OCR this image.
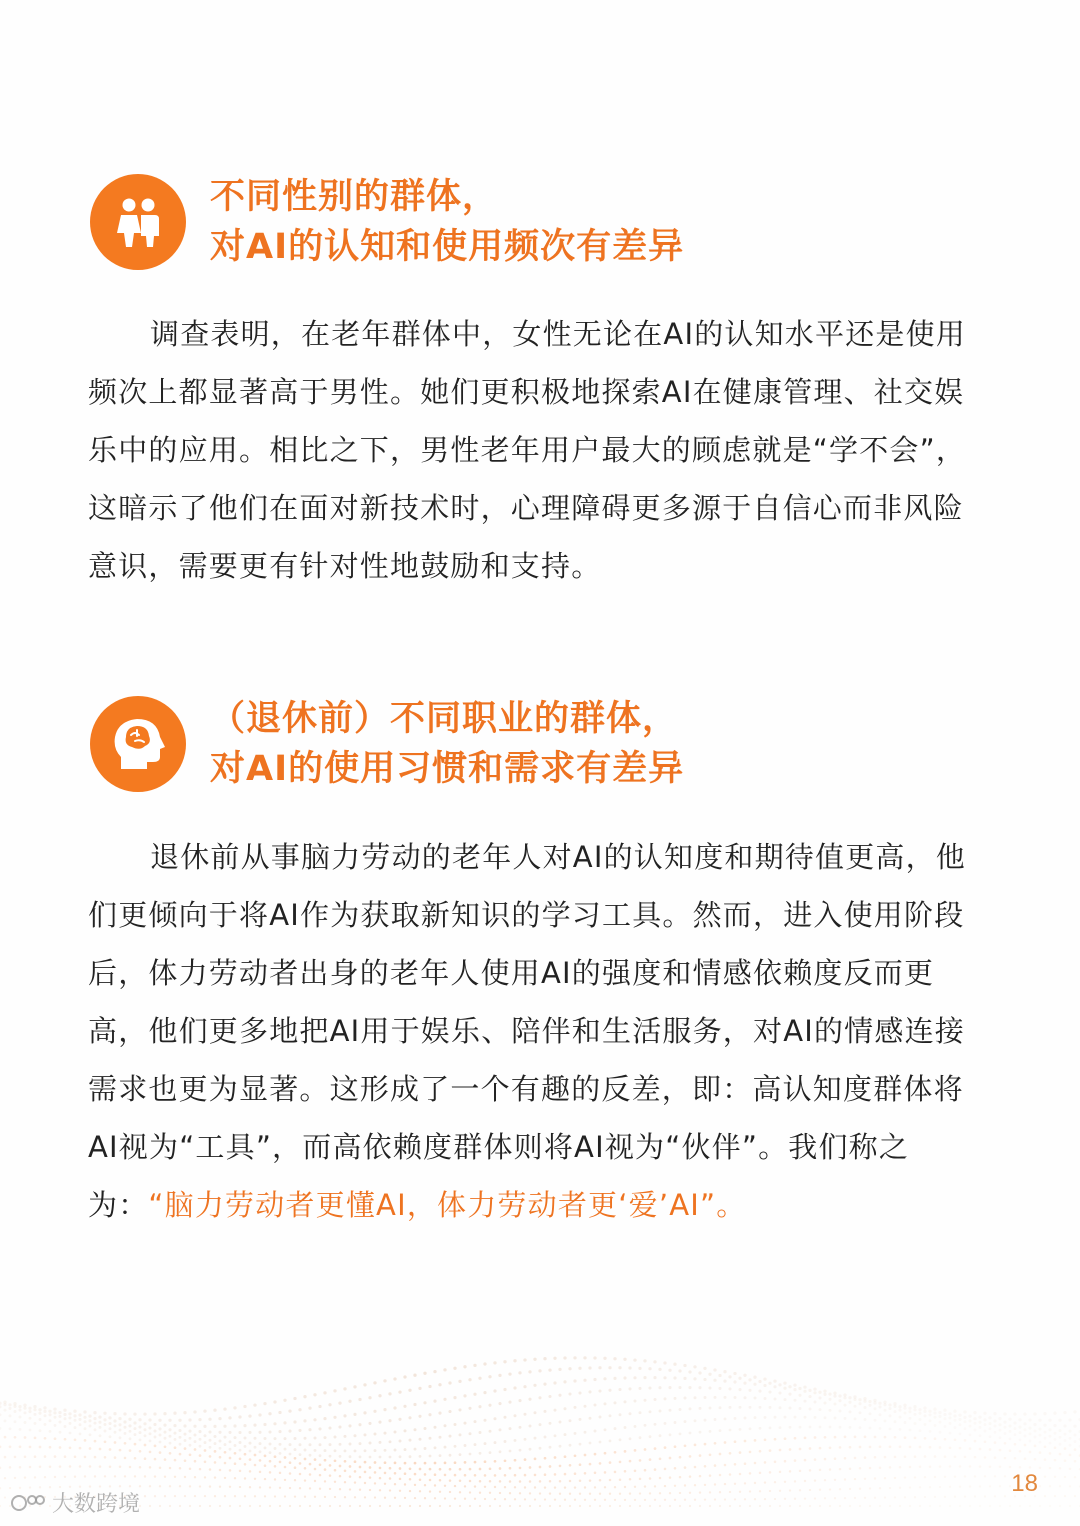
不同性别的群体，
对AI的认知和使用频次有差异

调查表明，在老年群体中，女性无论在AI的认知水平还是使用频次上都显著高于男性。她们更积极地探索AI在健康管理、社交娱乐中的应用。相比之下，男性老年用户最大的顾虑就是“学不会”，这暗示了他们在面对新技术时，心理障碍更多源于自信心而非风险意识，需要更有针对性地鼓励和支持。

（退休前）不同职业的群体，
对AI的使用习惯和需求有差异

退休前从事脑力劳动的老年人对AI的认知度和期待值更高，他们更倾向于将AI作为获取新知识的学习工具。然而，进入使用阶段后，体力劳动者出身的老年人使用AI的强度和情感依赖度反而更高，他们更多地把AI用于娱乐、陪伴和生活服务，对AI的情感连接需求也更为显著。这形成了一个有趣的反差，即：高认知度群体将AI视为“工具”，而高依赖度群体则将AI视为“伙伴”。我们称之为：“脑力劳动者更懂AI，体力劳动者更‘爱’AI”。

大数跨境
18
